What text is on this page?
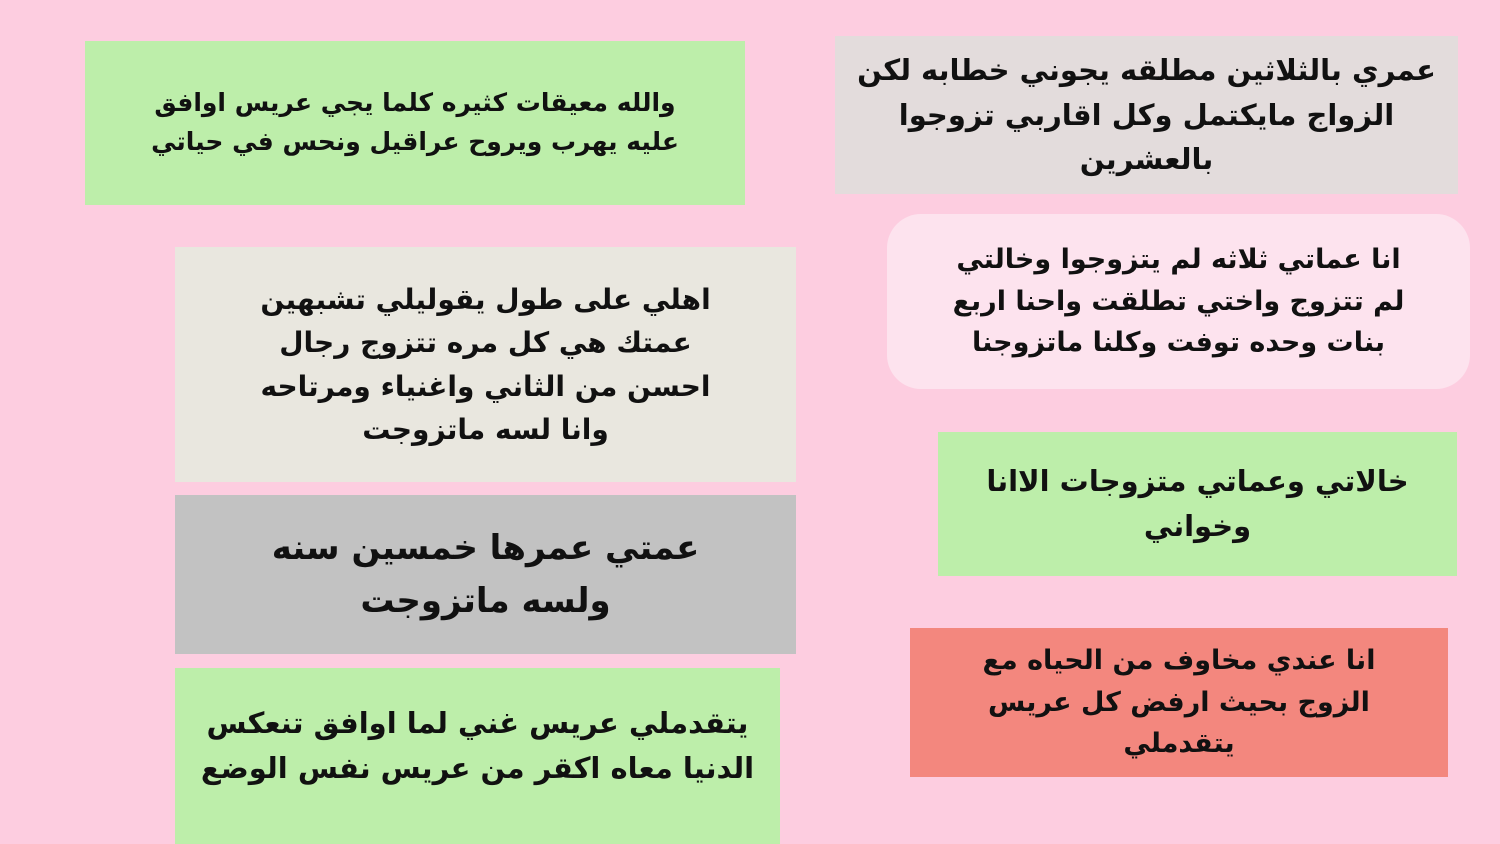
والله معيقات كثيره كلما يجي عريس اوافق
عليه يهرب ويروح عراقيل ونحس في حياتي

اهلي على طول يقوليلي تشبهين
عمتك هي كل مره تتزوج رجال
احسن من الثاني واغنياء ومرتاحه
وانا لسه ماتزوجت

عمتي عمرها خمسين سنه
ولسه ماتزوجت

يتقدملي عريس غني لما اوافق تنعكس
الدنيا معاه اكقر من عريس نفس الوضع

عمري بالثلاثين مطلقه يجوني خطابه لكن
الزواج مايكتمل وكل اقاربي تزوجوا
بالعشرين

انا عماتي ثلاثه لم يتزوجوا وخالتي
لم تتزوج واختي تطلقت واحنا اربع
بنات وحده توفت وكلنا ماتزوجنا

خالاتي وعماتي متزوجات الاانا
وخواني

انا عندي مخاوف من الحياه مع
الزوج بحيث ارفض كل عريس
يتقدملي
